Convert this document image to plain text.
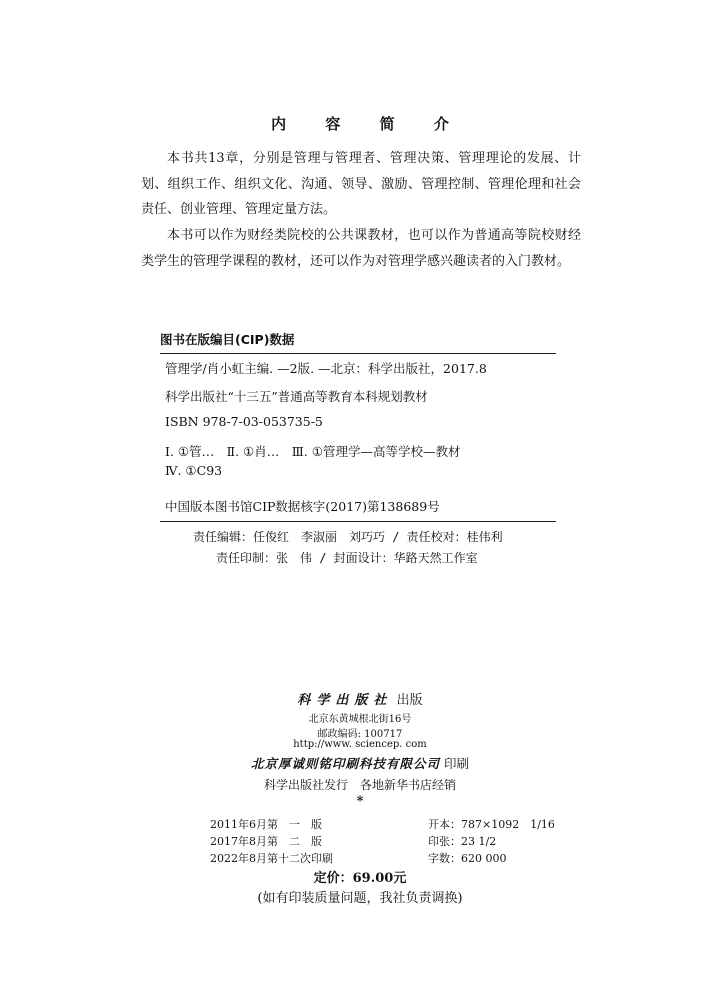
内 容 简 介

本书共13章，分别是管理与管理者、管理决策、管理理论的发展、计划、组织工作、组织文化、沟通、领导、激励、管理控制、管理伦理和社会责任、创业管理、管理定量方法。

本书可以作为财经类院校的公共课教材，也可以作为普通高等院校财经类学生的管理学课程的教材，还可以作为对管理学感兴趣读者的入门教材。

图书在版编目(CIP)数据
管理学/肖小虹主编. —2版. —北京：科学出版社，2017.8
科学出版社“十三五”普通高等教育本科规划教材
ISBN 978-7-03-053735-5
Ⅰ. ①管…　Ⅱ. ①肖…　Ⅲ. ①管理学—高等学校—教材
Ⅳ. ①C93
中国版本图书馆CIP数据核字(2017)第138689号
责任编辑：任俊红　李淑丽　刘巧巧 / 责任校对：桂伟利
责任印制：张　伟 / 封面设计：华路天然工作室
科学出版社 出版
北京东黄城根北街16号
邮政编码: 100717
http://www. sciencep. com
北京厚诚则铭印刷科技有限公司 印刷
科学出版社发行　各地新华书店经销
*
2011年6月第　一　版	开本：787×1092　1/16
2017年8月第　二　版	印张：23 1/2
2022年8月第十二次印刷	字数：620 000
定价：69.00元
(如有印装质量问题，我社负责调换)
